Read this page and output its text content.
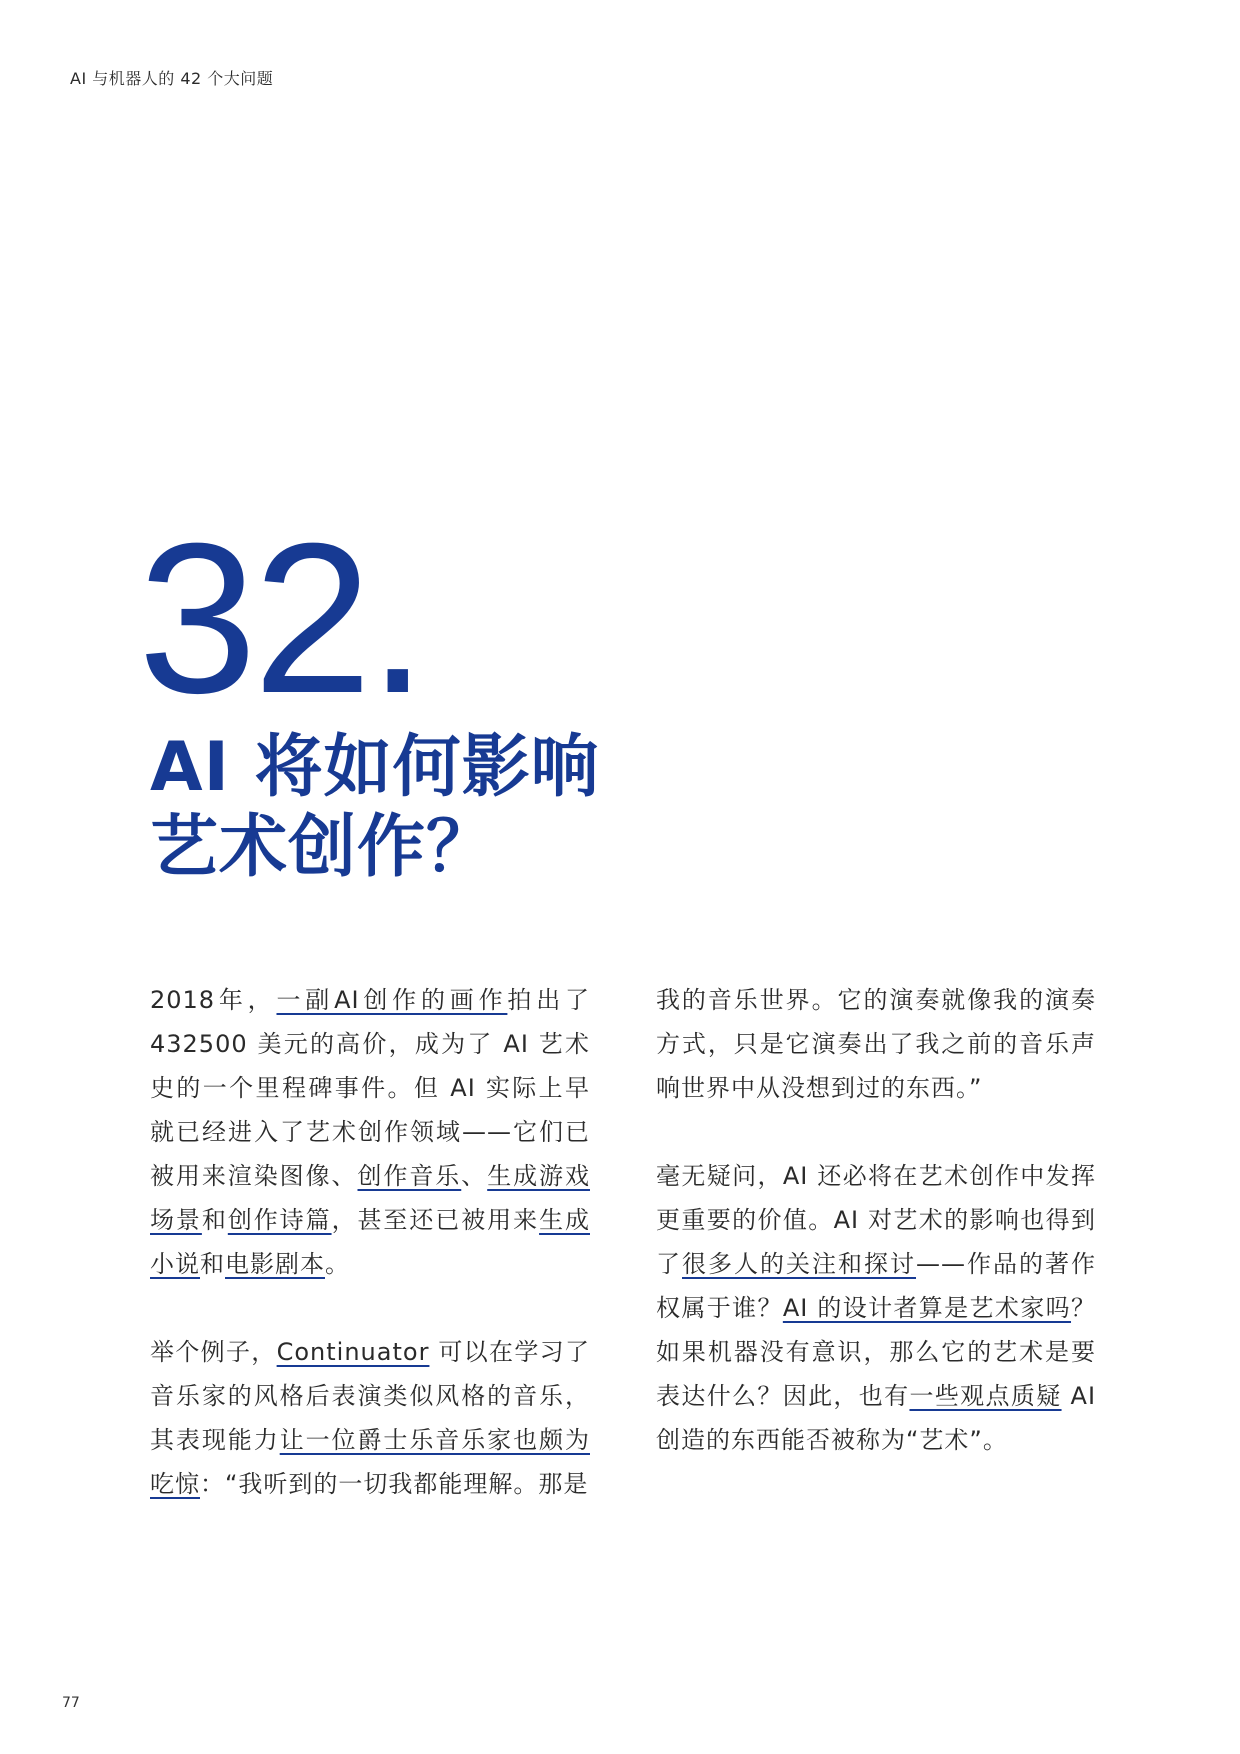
AI 与机器人的 42 个大问题
32.
AI 将如何影响
艺术创作？

2018年，一副AI创作的画作拍出了432500 美元的高价，成为了 AI 艺术史的一个里程碑事件。但 AI 实际上早就已经进入了艺术创作领域——它们已被用来渲染图像、创作音乐、生成游戏场景和创作诗篇，甚至还已被用来生成小说和电影剧本。

举个例子，Continuator 可以在学习了音乐家的风格后表演类似风格的音乐，其表现能力让一位爵士乐音乐家也颇为吃惊：“我听到的一切我都能理解。那是

我的音乐世界。它的演奏就像我的演奏方式，只是它演奏出了我之前的音乐声响世界中从没想到过的东西。”

毫无疑问，AI 还必将在艺术创作中发挥更重要的价值。AI 对艺术的影响也得到了很多人的关注和探讨——作品的著作权属于谁？AI 的设计者算是艺术家吗？如果机器没有意识，那么它的艺术是要表达什么？因此，也有一些观点质疑 AI 创造的东西能否被称为“艺术”。

77
